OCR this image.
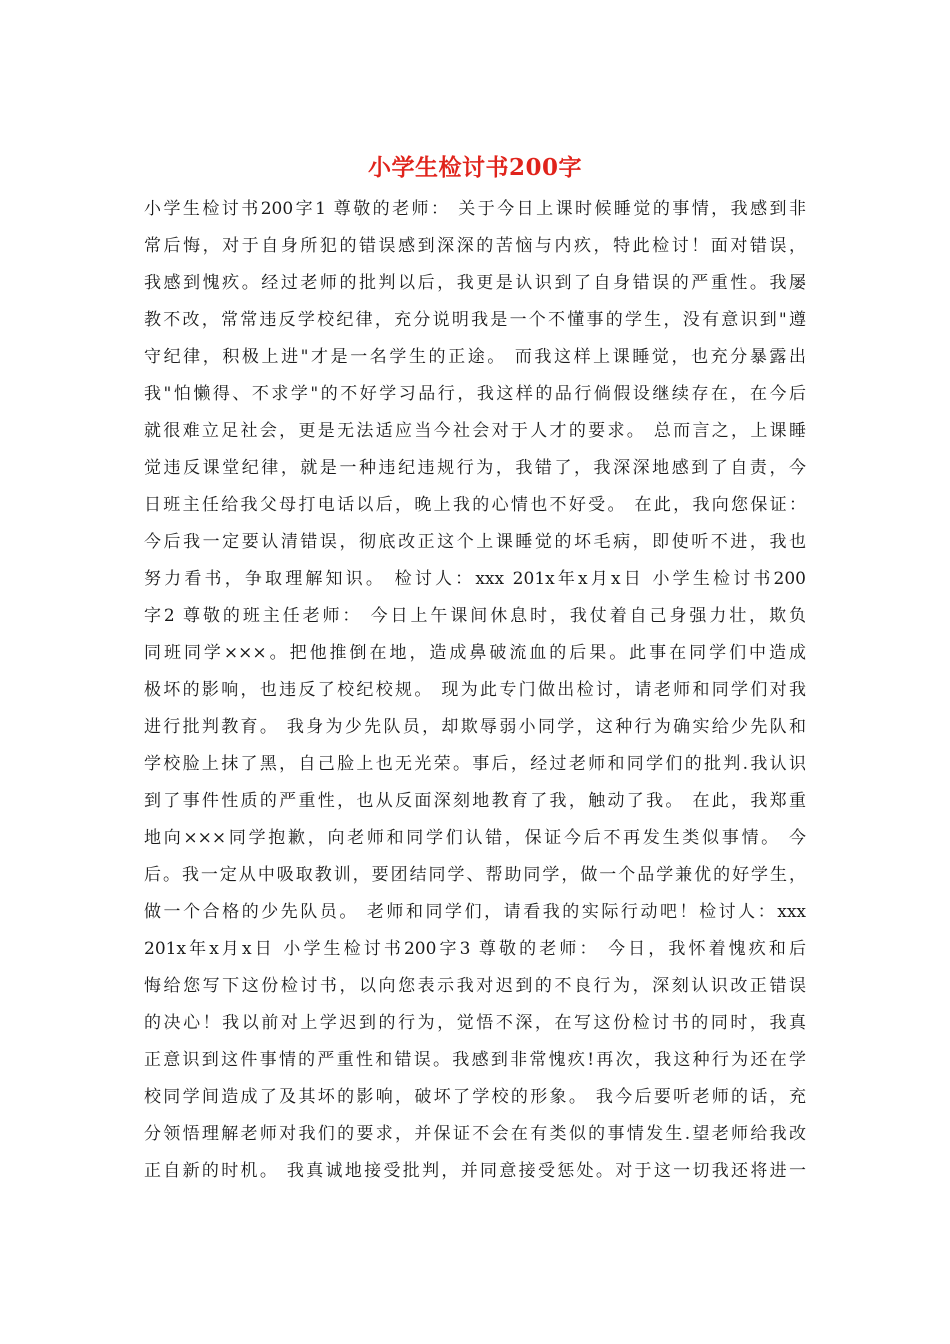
小学生检讨书200字
小学生检讨书200字1 尊敬的老师： 关于今日上课时候睡觉的事情，我感到非
常后悔，对于自身所犯的错误感到深深的苦恼与内疚，特此检讨！面对错误，
我感到愧疚。经过老师的批判以后，我更是认识到了自身错误的严重性。我屡
教不改，常常违反学校纪律，充分说明我是一个不懂事的学生，没有意识到"遵
守纪律，积极上进"才是一名学生的正途。 而我这样上课睡觉，也充分暴露出
我"怕懒得、不求学"的不好学习品行，我这样的品行倘假设继续存在，在今后
就很难立足社会，更是无法适应当今社会对于人才的要求。 总而言之，上课睡
觉违反课堂纪律，就是一种违纪违规行为，我错了，我深深地感到了自责，今
日班主任给我父母打电话以后，晚上我的心情也不好受。 在此，我向您保证：
今后我一定要认清错误，彻底改正这个上课睡觉的坏毛病，即使听不进，我也
努力看书，争取理解知识。 检讨人：xxx 201x年x月x日 小学生检讨书200
字2 尊敬的班主任老师： 今日上午课间休息时，我仗着自己身强力壮，欺负
同班同学×××。把他推倒在地，造成鼻破流血的后果。此事在同学们中造成
极坏的影响，也违反了校纪校规。 现为此专门做出检讨，请老师和同学们对我
进行批判教育。 我身为少先队员，却欺辱弱小同学，这种行为确实给少先队和
学校脸上抹了黑，自己脸上也无光荣。事后，经过老师和同学们的批判.我认识
到了事件性质的严重性，也从反面深刻地教育了我，触动了我。 在此，我郑重
地向×××同学抱歉，向老师和同学们认错，保证今后不再发生类似事情。 今
后。我一定从中吸取教训，要团结同学、帮助同学，做一个品学兼优的好学生，
做一个合格的少先队员。 老师和同学们，请看我的实际行动吧！检讨人：xxx
201x年x月x日 小学生检讨书200字3 尊敬的老师： 今日，我怀着愧疚和后
悔给您写下这份检讨书，以向您表示我对迟到的不良行为，深刻认识改正错误
的决心！我以前对上学迟到的行为，觉悟不深，在写这份检讨书的同时，我真
正意识到这件事情的严重性和错误。我感到非常愧疚!再次，我这种行为还在学
校同学间造成了及其坏的影响，破坏了学校的形象。 我今后要听老师的话，充
分领悟理解老师对我们的要求，并保证不会在有类似的事情发生.望老师给我改
正自新的时机。 我真诚地接受批判，并同意接受惩处。对于这一切我还将进一
